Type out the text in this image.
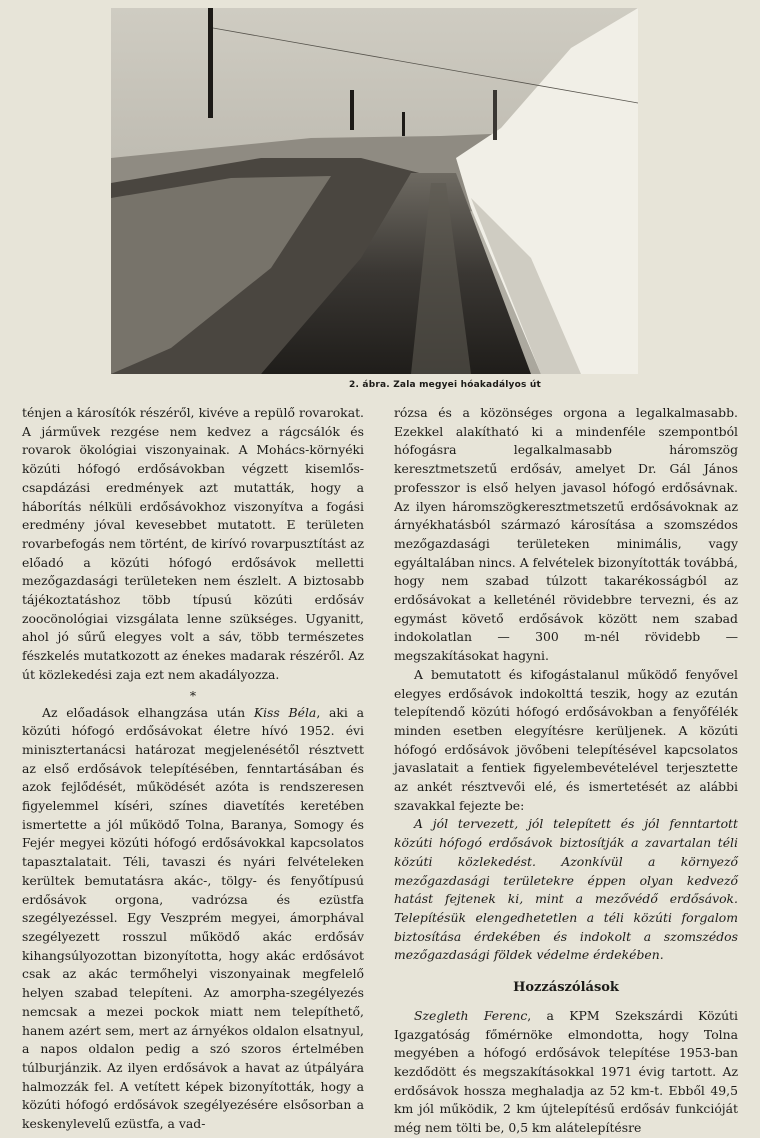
2. ábra. Zala megyei hóakadályos út

ténjen a károsítók részéről, kivéve a repülő rovarokat. A járművek rezgése nem kedvez a rágcsálók és rovarok ökológiai viszonyainak. A Mohács-környéki közúti hófogó erdősávokban végzett kisemlős-csapdázási eredmények azt mutatták, hogy a háborítás nélküli erdősávokhoz viszonyítva a fogási eredmény jóval kevesebbet mutatott. E területen rovarbefogás nem történt, de kirívó rovarpusztítást az előadó a közúti hófogó erdősávok melletti mezőgazdasági területeken nem észlelt. A biztosabb tájékoztatáshoz több típusú közúti erdősáv zoocönológiai vizsgálata lenne szükséges. Ugyanitt, ahol jó sűrű elegyes volt a sáv, több természetes fészkelés mutatkozott az énekes madarak részéről. Az út közlekedési zaja ezt nem akadályozza.

*

Az előadások elhangzása után Kiss Béla, aki a közúti hófogó erdősávokat életre hívó 1952. évi minisztertanácsi határozat megjelenésétől résztvett az első erdősávok telepítésében, fenntartásában és azok fejlődését, működését azóta is rendszeresen figyelemmel kíséri, színes diavetítés keretében ismertette a jól működő Tolna, Baranya, Somogy és Fejér megyei közúti hófogó erdősávokkal kapcsolatos tapasztalatait. Téli, tavaszi és nyári felvételeken kerültek bemutatásra akác-, tölgy- és fenyőtípusú erdősávok orgona, vadrózsa és ezüstfa szegélyezéssel. Egy Veszprém megyei, ámorphával szegélyezett rosszul működő akác erdősáv kihangsúlyozottan bizonyította, hogy akác erdősávot csak az akác termőhelyi viszonyainak megfelelő helyen szabad telepíteni. Az amorpha-szegélyezés nemcsak a mezei pockok miatt nem telepíthető, hanem azért sem, mert az árnyékos oldalon elsatnyul, a napos oldalon pedig a szó szoros értelmében túlburjánzik. Az ilyen erdősávok a havat az útpályára halmozzák fel. A vetített képek bizonyították, hogy a közúti hófogó erdősávok szegélyezésére elsősorban a keskenylevelű ezüstfa, a vad-

rózsa és a közönséges orgona a legalkalmasabb. Ezekkel alakítható ki a mindenféle szempontból hófogásra legalkalmasabb háromszög keresztmetszetű erdősáv, amelyet Dr. Gál János professzor is első helyen javasol hófogó erdősávnak. Az ilyen háromszögkeresztmetszetű erdősávoknak az árnyékhatásból származó károsítása a szomszédos mezőgazdasági területeken minimális, vagy egyáltalában nincs. A felvételek bizonyították továbbá, hogy nem szabad túlzott takarékosságból az erdősávokat a kelleténél rövidebbre tervezni, és az egymást követő erdősávok között nem szabad indokolatlan — 300 m-nél rövidebb — megszakításokat hagyni.

A bemutatott és kifogástalanul működő fenyővel elegyes erdősávok indokolttá teszik, hogy az ezután telepítendő közúti hófogó erdősávokban a fenyőfélék minden esetben elegyítésre kerüljenek. A közúti hófogó erdősávok jövőbeni telepítésével kapcsolatos javaslatait a fentiek figyelembevételével terjesztette az ankét résztvevői elé, és ismertetését az alábbi szavakkal fejezte be:

A jól tervezett, jól telepített és jól fenntartott közúti hófogó erdősávok biztosítják a zavartalan téli közúti közlekedést. Azonkívül a környező mezőgazdasági területekre éppen olyan kedvező hatást fejtenek ki, mint a mezővédő erdősávok. Telepítésük elengedhetetlen a téli közúti forgalom biztosítása érdekében és indokolt a szomszédos mezőgazdasági földek védelme érdekében.

Hozzászólások

Szegleth Ferenc, a KPM Szekszárdi Közúti Igazgatóság főmérnöke elmondotta, hogy Tolna megyében a hófogó erdősávok telepítése 1953-ban kezdődött és megszakításokkal 1971 évig tartott. Az erdősávok hossza meghaladja az 52 km-t. Ebből 49,5 km jól működik, 2 km újtelepítésű erdősáv funkcióját még nem tölti be, 0,5 km alátelepítésre
